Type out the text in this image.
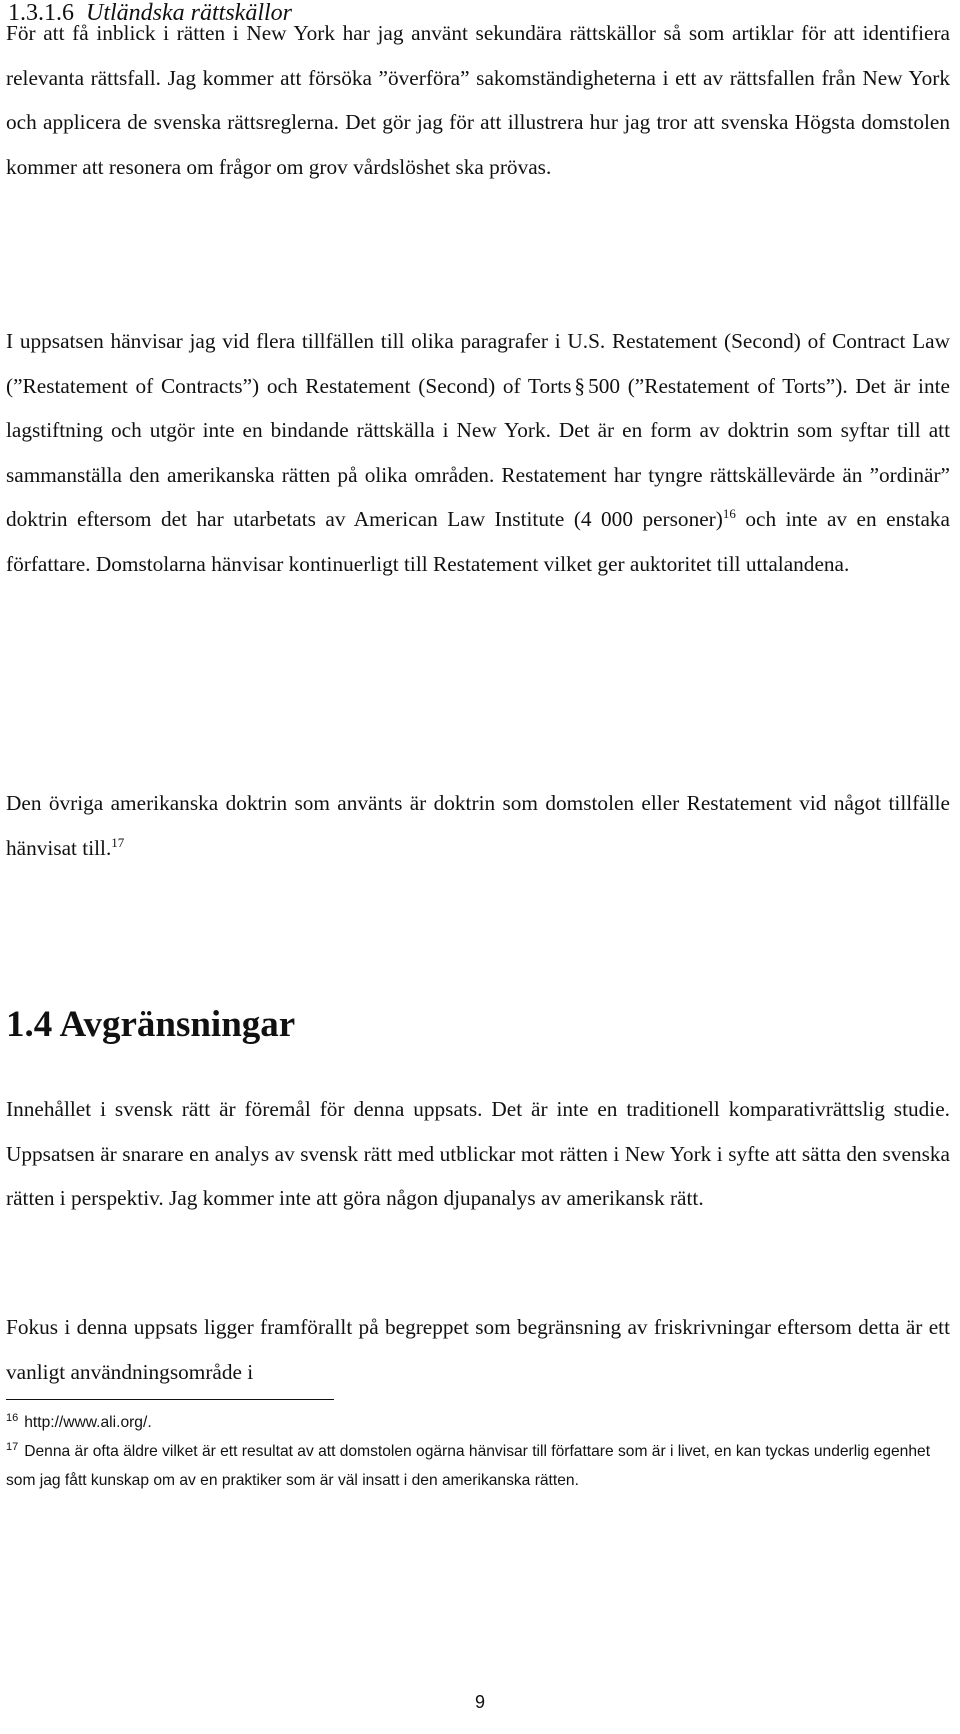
1.3.1.6 Utländska rättskällor

För att få inblick i rätten i New York har jag använt sekundära rättskällor så som artiklar för att identifiera relevanta rättsfall. Jag kommer att försöka ”överföra” sakomständigheterna i ett av rättsfallen från New York och applicera de svenska rättsreglerna. Det gör jag för att illustrera hur jag tror att svenska Högsta domstolen kommer att resonera om frågor om grov vårdslöshet ska prövas.

I uppsatsen hänvisar jag vid flera tillfällen till olika paragrafer i U.S. Restatement (Second) of Contract Law (”Restatement of Contracts”) och Restatement (Second) of Torts § 500 (”Restatement of Torts”). Det är inte lagstiftning och utgör inte en bindande rättskälla i New York. Det är en form av doktrin som syftar till att sammanställa den amerikanska rätten på olika områden. Restatement har tyngre rättskällevärde än ”ordinär” doktrin eftersom det har utarbetats av American Law Institute (4 000 personer)$^{16}$ och inte av en enstaka författare. Domstolarna hänvisar kontinuerligt till Restatement vilket ger auktoritet till uttalandena.

Den övriga amerikanska doktrin som använts är doktrin som domstolen eller Restatement vid något tillfälle hänvisat till.$^{17}$

1.4 Avgränsningar

Innehållet i svensk rätt är föremål för denna uppsats. Det är inte en traditionell komparativrättslig studie. Uppsatsen är snarare en analys av svensk rätt med utblickar mot rätten i New York i syfte att sätta den svenska rätten i perspektiv. Jag kommer inte att göra någon djupanalys av amerikansk rätt.

Fokus i denna uppsats ligger framförallt på begreppet som begränsning av friskrivningar eftersom detta är ett vanligt användningsområde i

$^{16}$ http://www.ali.org/.

$^{17}$ Denna är ofta äldre vilket är ett resultat av att domstolen ogärna hänvisar till författare som är i livet, en kan tyckas underlig egenhet som jag fått kunskap om av en praktiker som är väl insatt i den amerikanska rätten.

9
